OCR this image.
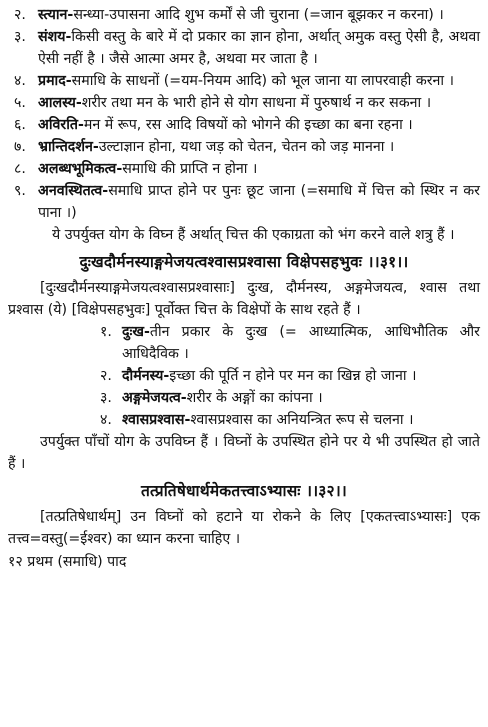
२. स्त्यान-सन्ध्या-उपासना आदि शुभ कर्मों से जी चुराना (=जान बूझकर न करना) ।
३. संशय-किसी वस्तु के बारे में दो प्रकार का ज्ञान होना, अर्थात् अमुक वस्तु ऐसी है, अथवा ऐसी नहीं है । जैसे आत्मा अमर है, अथवा मर जाता है ।
४. प्रमाद-समाधि के साधनों (=यम-नियम आदि) को भूल जाना या लापरवाही करना ।
५. आलस्य-शरीर तथा मन के भारी होने से योग साधना में पुरुषार्थ न कर सकना ।
६. अविरति-मन में रूप, रस आदि विषयों को भोगने की इच्छा का बना रहना ।
७. भ्रान्तिदर्शन-उल्टाज्ञान होना, यथा जड़ को चेतन, चेतन को जड़ मानना ।
८. अलब्धभूमिकत्व-समाधि की प्राप्ति न होना ।
९. अनवस्थितत्व-समाधि प्राप्त होने पर पुनः छूट जाना (=समाधि में चित्त को स्थिर न कर पाना ।)

ये उपर्युक्त योग के विघ्न हैं अर्थात् चित्त की एकाग्रता को भंग करने वाले शत्रु हैं ।

दुःखदौर्मनस्याङ्गमेजयत्वश्वासप्रश्वासा विक्षेपसहभुवः ।।३१।।

[दुःखदौर्मनस्याङ्गमेजयत्वश्वासप्रश्वासाः] दुःख, दौर्मनस्य, अङ्गमेजयत्व, श्वास तथा प्रश्वास (ये) [विक्षेपसहभुवः] पूर्वोक्त चित्त के विक्षेपों के साथ रहते हैं ।

१. दुःख-तीन प्रकार के दुःख (= आध्यात्मिक, आधिभौतिक और आधिदैविक ।
२. दौर्मनस्य-इच्छा की पूर्ति न होने पर मन का खिन्न हो जाना ।
३. अङ्गमेजयत्व-शरीर के अङ्गों का कांपना ।
४. श्वासप्रश्वास-श्वासप्रश्वास का अनियन्त्रित रूप से चलना ।

उपर्युक्त पाँचों योग के उपविघ्न हैं । विघ्नों के उपस्थित होने पर ये भी उपस्थित हो जाते हैं ।

तत्प्रतिषेधार्थमेकतत्त्वाऽभ्यासः ।।३२।।

[तत्प्रतिषेधार्थम्] उन विघ्नों को हटाने या रोकने के लिए [एकतत्त्वाऽभ्यासः] एक तत्त्व=वस्तु(=ईश्वर) का ध्यान करना चाहिए ।

१२ प्रथम (समाधि) पाद
